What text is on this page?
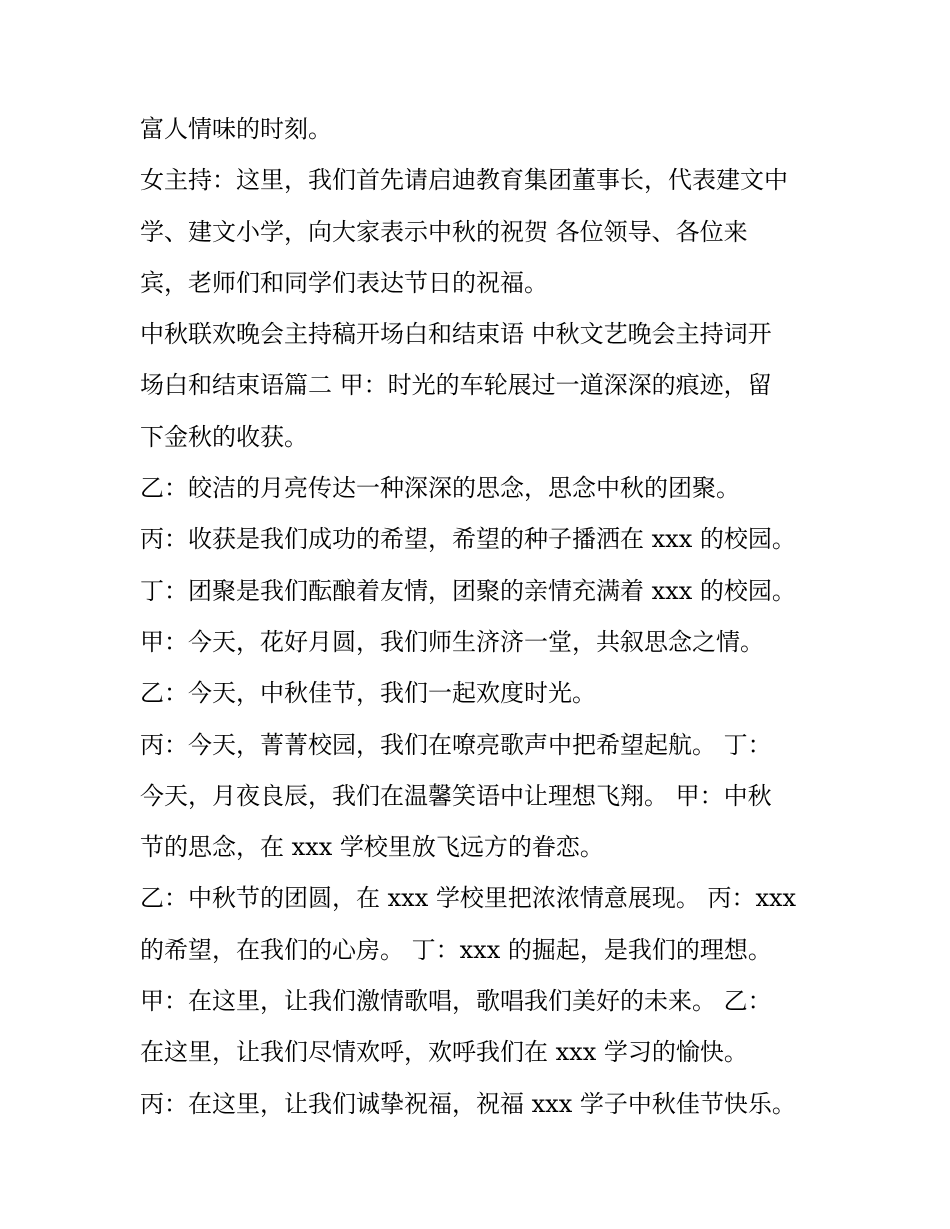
富人情味的时刻。
女主持：这里，我们首先请启迪教育集团董事长，代表建文中
学、建文小学，向大家表示中秋的祝贺 各位领导、各位来
宾，老师们和同学们表达节日的祝福。
中秋联欢晚会主持稿开场白和结束语 中秋文艺晚会主持词开
场白和结束语篇二 甲：时光的车轮展过一道深深的痕迹，留
下金秋的收获。
乙：皎洁的月亮传达一种深深的思念，思念中秋的团聚。
丙：收获是我们成功的希望，希望的种子播洒在 xxx 的校园。
丁：团聚是我们酝酿着友情，团聚的亲情充满着 xxx 的校园。
甲：今天，花好月圆，我们师生济济一堂，共叙思念之情。
乙：今天，中秋佳节，我们一起欢度时光。
丙：今天，菁菁校园，我们在嘹亮歌声中把希望起航。 丁：
今天，月夜良辰，我们在温馨笑语中让理想飞翔。 甲：中秋
节的思念，在 xxx 学校里放飞远方的眷恋。
乙：中秋节的团圆，在 xxx 学校里把浓浓情意展现。 丙：xxx
的希望，在我们的心房。 丁：xxx 的掘起，是我们的理想。
甲：在这里，让我们激情歌唱，歌唱我们美好的未来。 乙：
在这里，让我们尽情欢呼，欢呼我们在 xxx 学习的愉快。
丙：在这里，让我们诚挚祝福，祝福 xxx 学子中秋佳节快乐。
